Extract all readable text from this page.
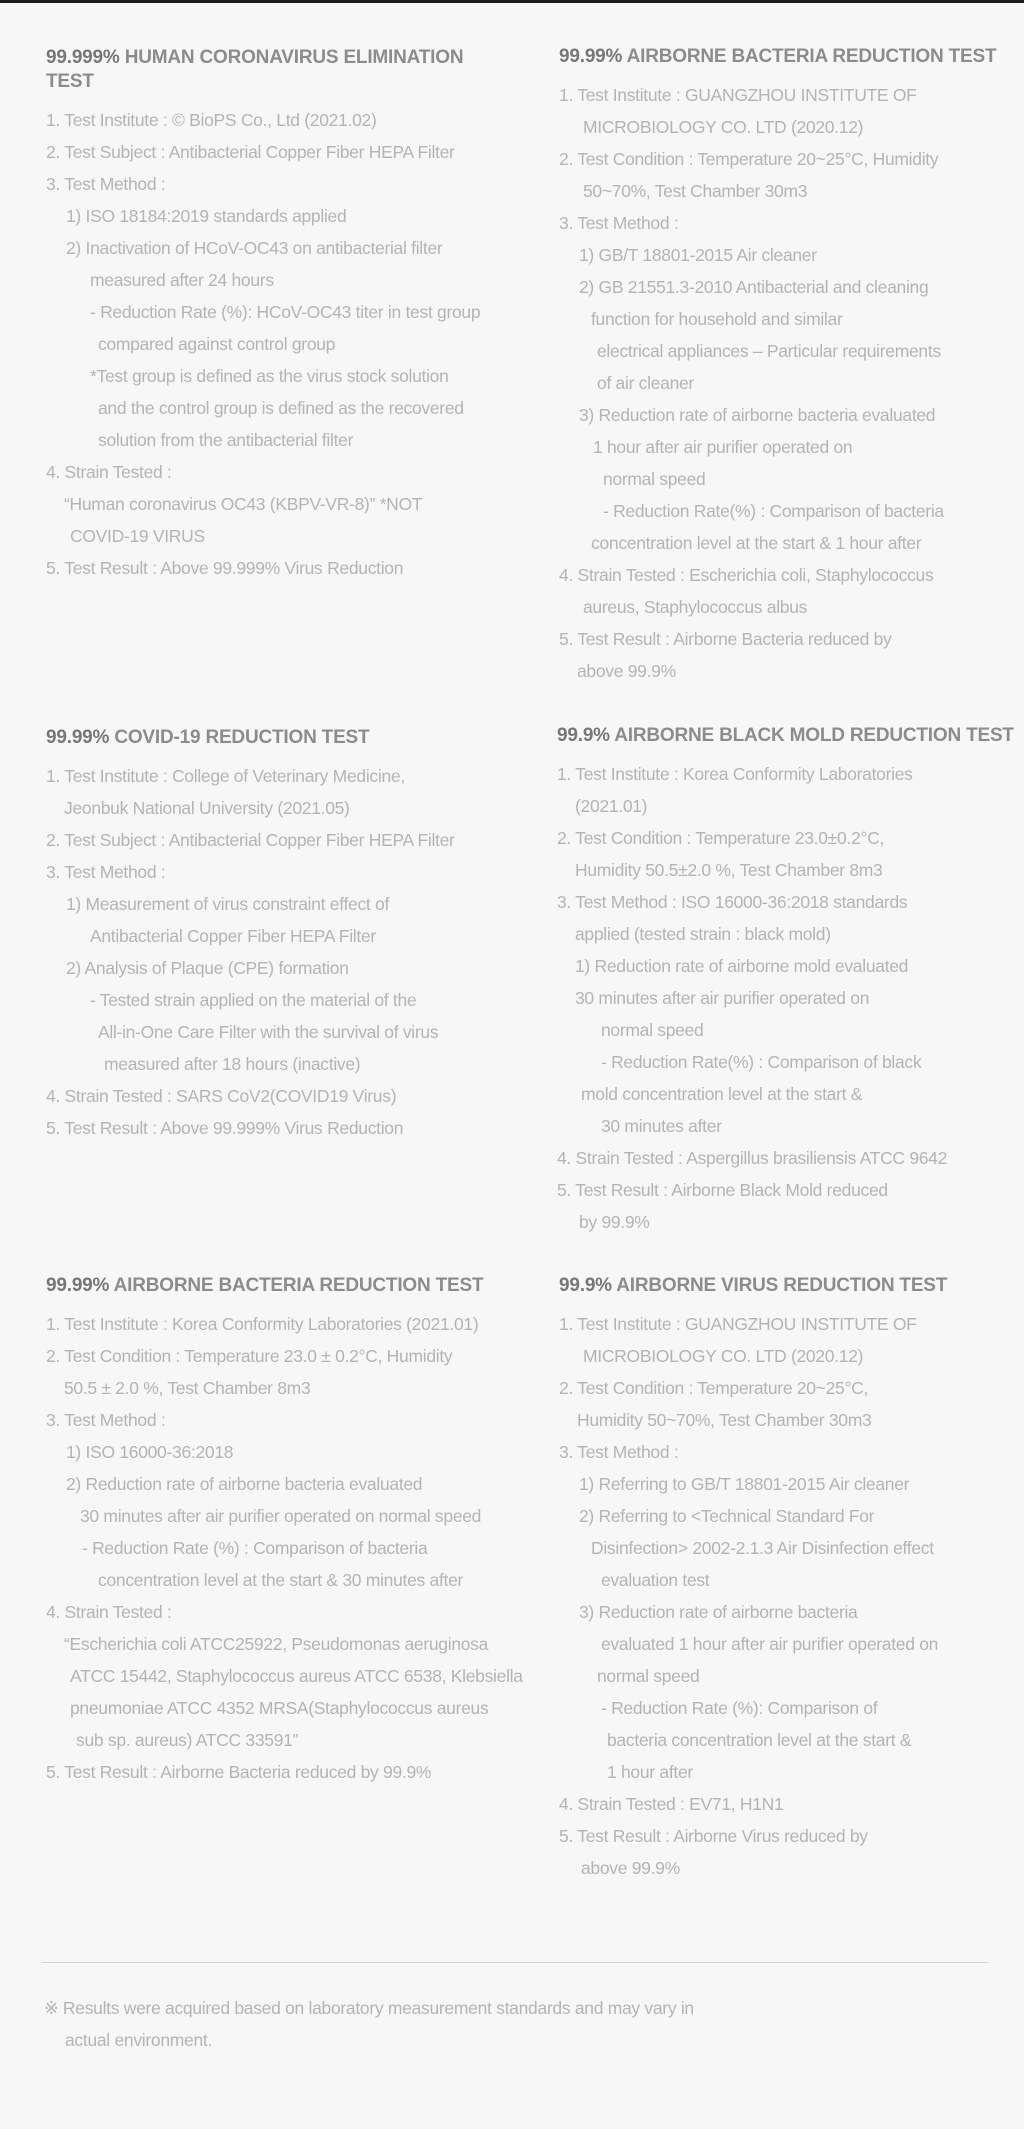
99.999% HUMAN CORONAVIRUS ELIMINATION TEST
1. Test Institute : © BioPS Co., Ltd (2021.02)
2. Test Subject : Antibacterial Copper Fiber HEPA Filter
3. Test Method :
1) ISO 18184:2019 standards applied
2) Inactivation of HCoV-OC43 on antibacterial filter
measured after 24 hours
- Reduction Rate (%): HCoV-OC43 titer in test group
compared against control group
*Test group is defined as the virus stock solution
and the control group is defined as the recovered
solution from the antibacterial filter
4. Strain Tested :
“Human coronavirus OC43 (KBPV-VR-8)” *NOT
COVID-19 VIRUS
5. Test Result : Above 99.999% Virus Reduction
99.99% AIRBORNE BACTERIA REDUCTION TEST
1. Test Institute : GUANGZHOU INSTITUTE OF
MICROBIOLOGY CO. LTD (2020.12)
2. Test Condition : Temperature 20~25°C, Humidity
50~70%, Test Chamber 30m3
3. Test Method :
1) GB/T 18801-2015 Air cleaner
2) GB 21551.3-2010 Antibacterial and cleaning
function for household and similar
electrical appliances – Particular requirements
of air cleaner
3) Reduction rate of airborne bacteria evaluated
1 hour after air purifier operated on
normal speed
- Reduction Rate(%) : Comparison of bacteria
concentration level at the start & 1 hour after
4. Strain Tested : Escherichia coli, Staphylococcus
aureus, Staphylococcus albus
5. Test Result : Airborne Bacteria reduced by
above 99.9%
99.99% COVID-19 REDUCTION TEST
1. Test Institute : College of Veterinary Medicine,
Jeonbuk National University (2021.05)
2. Test Subject : Antibacterial Copper Fiber HEPA Filter
3. Test Method :
1) Measurement of virus constraint effect of
Antibacterial Copper Fiber HEPA Filter
2) Analysis of Plaque (CPE) formation
- Tested strain applied on the material of the
All-in-One Care Filter with the survival of virus
measured after 18 hours (inactive)
4. Strain Tested : SARS CoV2(COVID19 Virus)
5. Test Result : Above 99.999% Virus Reduction
99.9% AIRBORNE BLACK MOLD REDUCTION TEST
1. Test Institute : Korea Conformity Laboratories
(2021.01)
2. Test Condition : Temperature 23.0±0.2°C,
Humidity 50.5±2.0 %, Test Chamber 8m3
3. Test Method : ISO 16000-36:2018 standards
applied (tested strain : black mold)
1) Reduction rate of airborne mold evaluated
30 minutes after air purifier operated on
normal speed
- Reduction Rate(%) : Comparison of black
mold concentration level at the start &
30 minutes after
4. Strain Tested : Aspergillus brasiliensis ATCC 9642
5. Test Result : Airborne Black Mold reduced
by 99.9%
99.99% AIRBORNE BACTERIA REDUCTION TEST
1. Test Institute : Korea Conformity Laboratories (2021.01)
2. Test Condition : Temperature 23.0 ± 0.2°C, Humidity
50.5 ± 2.0 %, Test Chamber 8m3
3. Test Method :
1) ISO 16000-36:2018
2) Reduction rate of airborne bacteria evaluated
30 minutes after air purifier operated on normal speed
- Reduction Rate (%) : Comparison of bacteria
concentration level at the start & 30 minutes after
4. Strain Tested :
“Escherichia coli ATCC25922, Pseudomonas aeruginosa
ATCC 15442, Staphylococcus aureus ATCC 6538, Klebsiella
pneumoniae ATCC 4352 MRSA(Staphylococcus aureus
sub sp. aureus) ATCC 33591”
5. Test Result : Airborne Bacteria reduced by 99.9%
99.9% AIRBORNE VIRUS REDUCTION TEST
1. Test Institute : GUANGZHOU INSTITUTE OF
MICROBIOLOGY CO. LTD (2020.12)
2. Test Condition : Temperature 20~25°C,
Humidity 50~70%, Test Chamber 30m3
3. Test Method :
1) Referring to GB/T 18801-2015 Air cleaner
2) Referring to <Technical Standard For
Disinfection> 2002-2.1.3 Air Disinfection effect
evaluation test
3) Reduction rate of airborne bacteria
evaluated 1 hour after air purifier operated on
normal speed
- Reduction Rate (%): Comparison of
bacteria concentration level at the start &
1 hour after
4. Strain Tested : EV71, H1N1
5. Test Result : Airborne Virus reduced by
above 99.9%
※ Results were acquired based on laboratory measurement standards and may vary in
actual environment.
